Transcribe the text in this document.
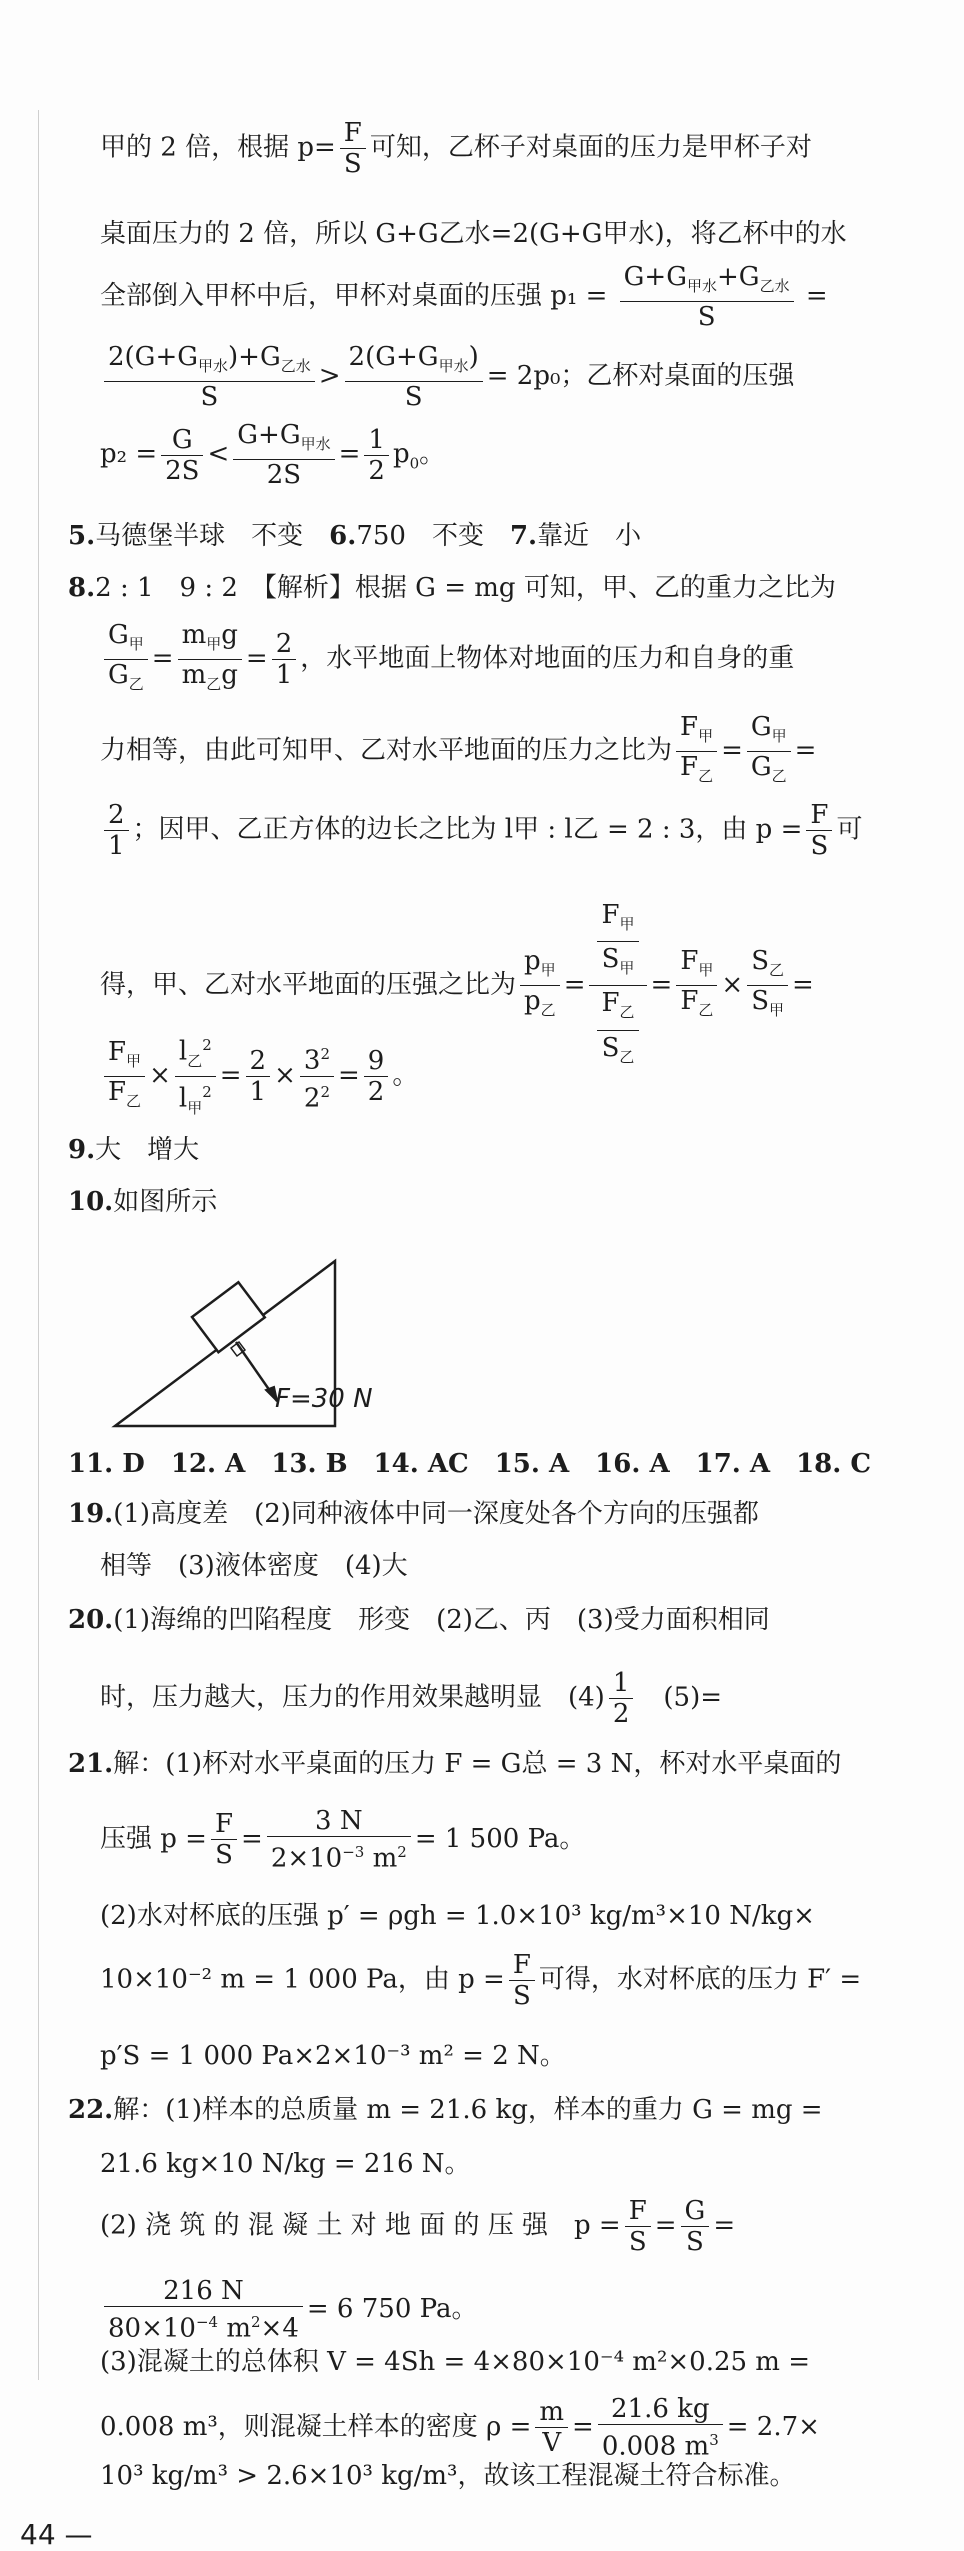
甲的 2 倍，根据 $p= \frac{F}{S}$ 可知，乙杯子对桌面的压力是甲杯子对
桌面压力的 2 倍，所以 G+G乙水=2(G+G甲水)，将乙杯中的水
全部倒入甲杯中后，甲杯对桌面的压强 $p_1 = \frac{G+G_{甲水}+G_{乙水}}{S}$ =
$\frac{2(G+G_{甲水})+G_{乙水}}{S} > \frac{2(G+G_{甲水})}{S} = 2p_0$；乙杯对桌面的压强
$p_2 = \frac{G}{2S} < \frac{G+G_{甲水}}{2S} = \frac{1}{2} p_0$。
5.马德堡半球　不变　6.750　不变　7.靠近　小
8.2 : 1　9 : 2　【解析】根据 G = mg 可知，甲、乙的重力之比为
$\frac{G_甲}{G_乙} = \frac{m_甲g}{m_乙g} = \frac{2}{1}$ ，水平地面上物体对地面的压力和自身的重
力相等，由此可知甲、乙对水平地面的压力之比为 $\frac{F_甲}{F_乙} = \frac{G_甲}{G_乙}$ =
$\frac{2}{1}$ ；因甲、乙正方体的边长之比为 l甲 : l乙 = 2 : 3，由 $p = \frac{F}{S}$ 可
得，甲、乙对水平地面的压强之比为 $\frac{p_甲}{p_乙} = \frac{\frac{F_甲}{S_甲}}{\frac{F_乙}{S_乙}} = \frac{F_甲}{F_乙} \times \frac{S_乙}{S_甲}$ =
$\frac{F_甲}{F_乙} \times \frac{l_乙^2}{l_甲^2} = \frac{2}{1} \times \frac{3^2}{2^2} = \frac{9}{2}$ 。
9.大　增大
10.如图所示
F=30 N
11. D　12. A　13. B　14. AC　15. A　16. A　17. A　18. C
19.(1)高度差　(2)同种液体中同一深度处各个方向的压强都
相等　(3)液体密度　(4)大
20.(1)海绵的凹陷程度　形变　(2)乙、丙　(3)受力面积相同
时，压力越大，压力的作用效果越明显　$(4) \frac{1}{2}$ 　(5)=
21.解：(1)杯对水平桌面的压力 F = G总 = 3 N，杯对水平桌面的
压强 $p = \frac{F}{S} = \frac{3 N}{2\times 10^{-3} m^2} = 1$ 500 Pa。
(2)水对杯底的压强 p′ = ρgh = 1.0×10³ kg/m³×10 N/kg×
10×10⁻² m = 1 000 Pa，由 $p = \frac{F}{S}$ 可得，水对杯底的压力 F′ =
p′S = 1 000 Pa×2×10⁻³ m² = 2 N。
22.解：(1)样本的总质量 m = 21.6 kg，样本的重力 G = mg =
21.6 kg×10 N/kg = 216 N。
(2) 浇 筑 的 混 凝 土 对 地 面 的 压 强　$p = \frac{F}{S} = \frac{G}{S}$ =
$\frac{216 N}{80\times 10^{-4} m^2\times 4} = 6$ 750 Pa。
(3)混凝土的总体积 V = 4Sh = 4×80×10⁻⁴ m²×0.25 m =
0.008 m³，则混凝土样本的密度 $\rho = \frac{m}{V} = \frac{21.6 kg}{0.008 m^3} = 2.7\times$
10³ kg/m³ > 2.6×10³ kg/m³，故该工程混凝土符合标准。
44 —
